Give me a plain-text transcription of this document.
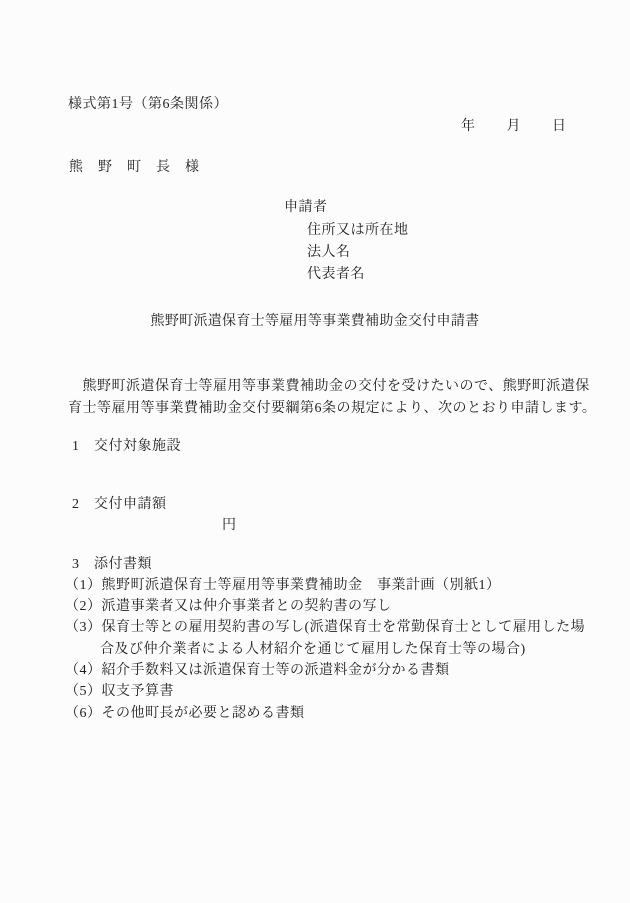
様式第1号（第6条関係）
年 月 日
熊　野　町　長　様
申請者
住所又は所在地
法人名
代表者名
熊野町派遣保育士等雇用等事業費補助金交付申請書
　熊野町派遣保育士等雇用等事業費補助金の交付を受けたいので、熊野町派遣保
育士等雇用等事業費補助金交付要綱第6条の規定により、次のとおり申請します。
1　交付対象施設
2　交付申請額
円
3　添付書類
（1）熊野町派遣保育士等雇用等事業費補助金　事業計画（別紙1）
（2）派遣事業者又は仲介事業者との契約書の写し
（3）保育士等との雇用契約書の写し(派遣保育士を常勤保育士として雇用した場
合及び仲介業者による人材紹介を通じて雇用した保育士等の場合)
（4）紹介手数料又は派遣保育士等の派遣料金が分かる書類
（5）収支予算書
（6）その他町長が必要と認める書類
